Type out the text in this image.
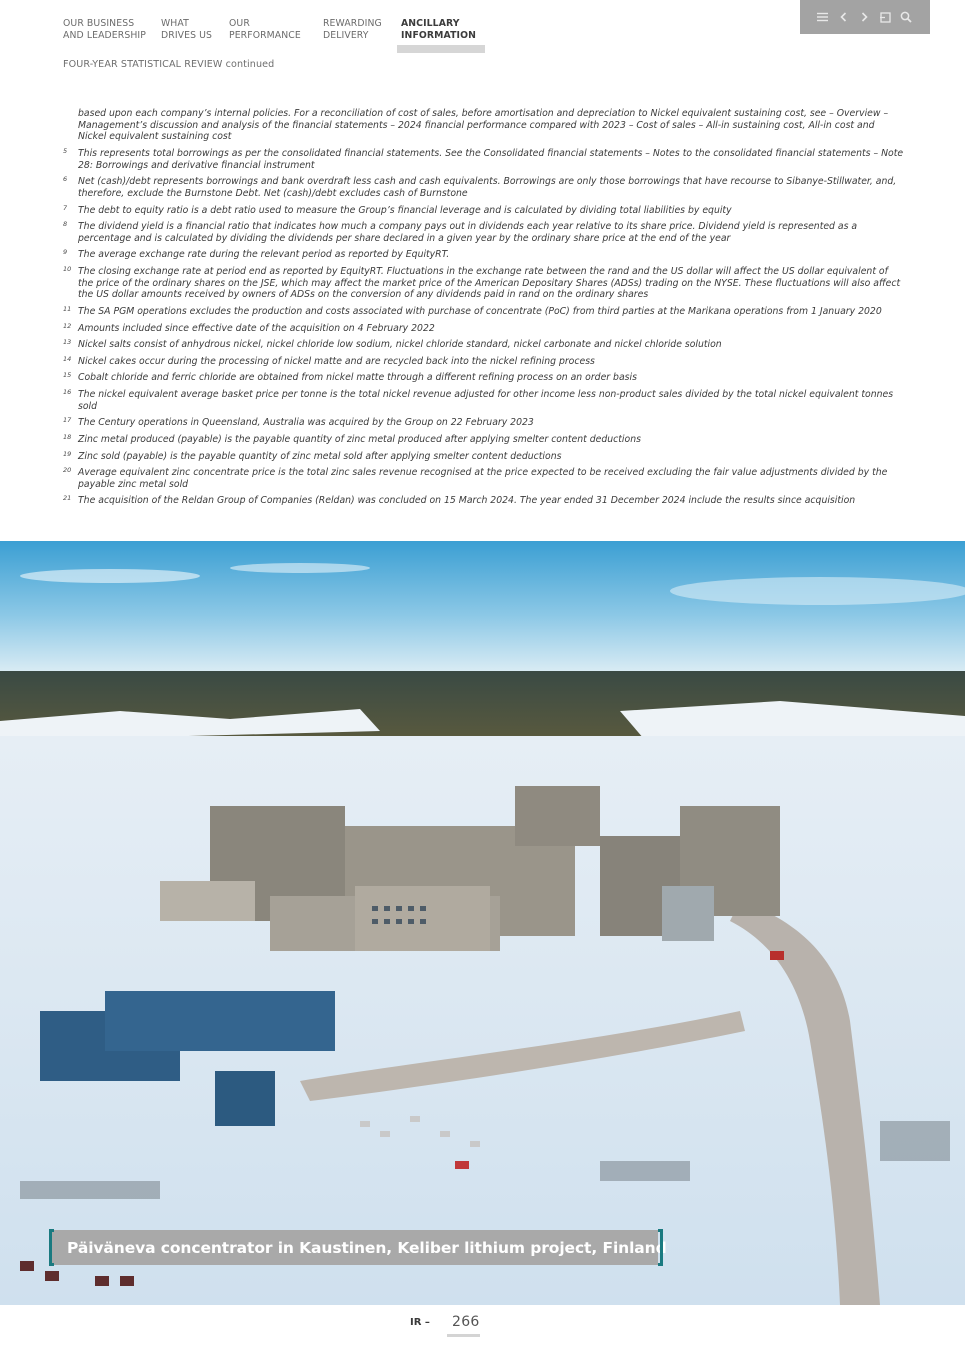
OUR BUSINESS
AND LEADERSHIP
WHAT
DRIVES US
OUR
PERFORMANCE
REWARDING
DELIVERY
ANCILLARY
INFORMATION
FOUR-YEAR STATISTICAL REVIEW continued
based upon each company’s internal policies. For a reconciliation of cost of sales, before amortisation and depreciation to Nickel equivalent sustaining cost, see – Overview – Management’s discussion and analysis of the financial statements – 2024 financial performance compared with 2023 – Cost of sales – All-in sustaining cost, All-in cost and Nickel equivalent sustaining cost
5 This represents total borrowings as per the consolidated financial statements. See the Consolidated financial statements – Notes to the consolidated financial statements – Note 28: Borrowings and derivative financial instrument
6 Net (cash)/debt represents borrowings and bank overdraft less cash and cash equivalents. Borrowings are only those borrowings that have recourse to Sibanye-Stillwater, and, therefore, exclude the Burnstone Debt. Net (cash)/debt excludes cash of Burnstone
7 The debt to equity ratio is a debt ratio used to measure the Group’s financial leverage and is calculated by dividing total liabilities by equity
8 The dividend yield is a financial ratio that indicates how much a company pays out in dividends each year relative to its share price. Dividend yield is represented as a percentage and is calculated by dividing the dividends per share declared in a given year by the ordinary share price at the end of the year
9 The average exchange rate during the relevant period as reported by EquityRT.
10 The closing exchange rate at period end as reported by EquityRT. Fluctuations in the exchange rate between the rand and the US dollar will affect the US dollar equivalent of the price of the ordinary shares on the JSE, which may affect the market price of the American Depositary Shares (ADSs) trading on the NYSE. These fluctuations will also affect the US dollar amounts received by owners of ADSs on the conversion of any dividends paid in rand on the ordinary shares
11 The SA PGM operations excludes the production and costs associated with purchase of concentrate (PoC) from third parties at the Marikana operations from 1 January 2020
12 Amounts included since effective date of the acquisition on 4 February 2022
13 Nickel salts consist of anhydrous nickel, nickel chloride low sodium, nickel chloride standard, nickel carbonate and nickel chloride solution
14 Nickel cakes occur during the processing of nickel matte and are recycled back into the nickel refining process
15 Cobalt chloride and ferric chloride are obtained from nickel matte through a different refining process on an order basis
16 The nickel equivalent average basket price per tonne is the total nickel revenue adjusted for other income less non-product sales divided by the total nickel equivalent tonnes sold
17 The Century operations in Queensland, Australia was acquired by the Group on 22 February 2023
18 Zinc metal produced (payable) is the payable quantity of zinc metal produced after applying smelter content deductions
19 Zinc sold (payable) is the payable quantity of zinc metal sold after applying smelter content deductions
20 Average equivalent zinc concentrate price is the total zinc sales revenue recognised at the price expected to be received excluding the fair value adjustments divided by the payable zinc metal sold
21 The acquisition of the Reldan Group of Companies (Reldan) was concluded on 15 March 2024. The year ended 31 December 2024 include the results since acquisition
Päiväneva concentrator in Kaustinen, Keliber lithium project, Finland
IR – 266
